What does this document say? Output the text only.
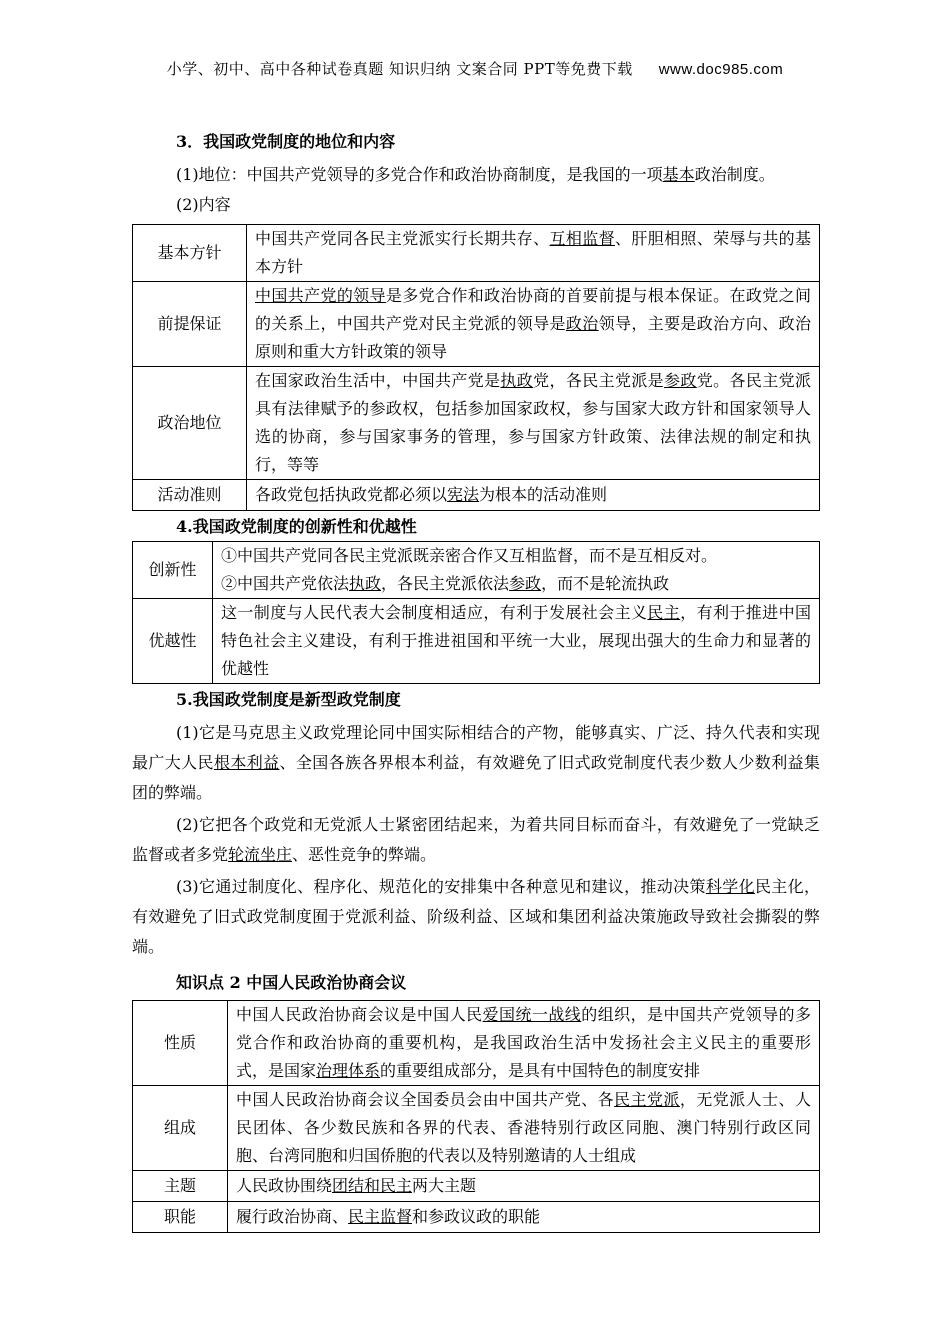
小学、初中、高中各种试卷真题 知识归纳 文案合同 PPT等免费下载 www.doc985.com
3．我国政党制度的地位和内容
(1)地位：中国共产党领导的多党合作和政治协商制度，是我国的一项基本政治制度。
(2)内容
基本方针	中国共产党同各民主党派实行长期共存、互相监督、肝胆相照、荣辱与共的基本方针
前提保证	中国共产党的领导是多党合作和政治协商的首要前提与根本保证。在政党之间的关系上，中国共产党对民主党派的领导是政治领导，主要是政治方向、政治原则和重大方针政策的领导
政治地位	在国家政治生活中，中国共产党是执政党，各民主党派是参政党。各民主党派具有法律赋予的参政权，包括参加国家政权，参与国家大政方针和国家领导人选的协商，参与国家事务的管理，参与国家方针政策、法律法规的制定和执行，等等
活动准则	各政党包括执政党都必须以宪法为根本的活动准则
4.我国政党制度的创新性和优越性
创新性	①中国共产党同各民主党派既亲密合作又互相监督，而不是互相反对。
②中国共产党依法执政，各民主党派依法参政，而不是轮流执政

优越性	这一制度与人民代表大会制度相适应，有利于发展社会主义民主，有利于推进中国特色社会主义建设，有利于推进祖国和平统一大业，展现出强大的生命力和显著的优越性
5.我国政党制度是新型政党制度
(1)它是马克思主义政党理论同中国实际相结合的产物，能够真实、广泛、持久代表和实现最广大人民根本利益、全国各族各界根本利益，有效避免了旧式政党制度代表少数人少数利益集团的弊端。
(2)它把各个政党和无党派人士紧密团结起来，为着共同目标而奋斗，有效避免了一党缺乏监督或者多党轮流坐庄、恶性竞争的弊端。
(3)它通过制度化、程序化、规范化的安排集中各种意见和建议，推动决策科学化民主化，有效避免了旧式政党制度囿于党派利益、阶级利益、区域和集团利益决策施政导致社会撕裂的弊端。
知识点 2 中国人民政治协商会议
性质	中国人民政治协商会议是中国人民爱国统一战线的组织，是中国共产党领导的多党合作和政治协商的重要机构，是我国政治生活中发扬社会主义民主的重要形式，是国家治理体系的重要组成部分，是具有中国特色的制度安排
组成	中国人民政治协商会议全国委员会由中国共产党、各民主党派，无党派人士、人民团体、各少数民族和各界的代表、香港特别行政区同胞、澳门特别行政区同胞、台湾同胞和归国侨胞的代表以及特别邀请的人士组成
主题	人民政协围绕团结和民主两大主题
职能	履行政治协商、民主监督和参政议政的职能
